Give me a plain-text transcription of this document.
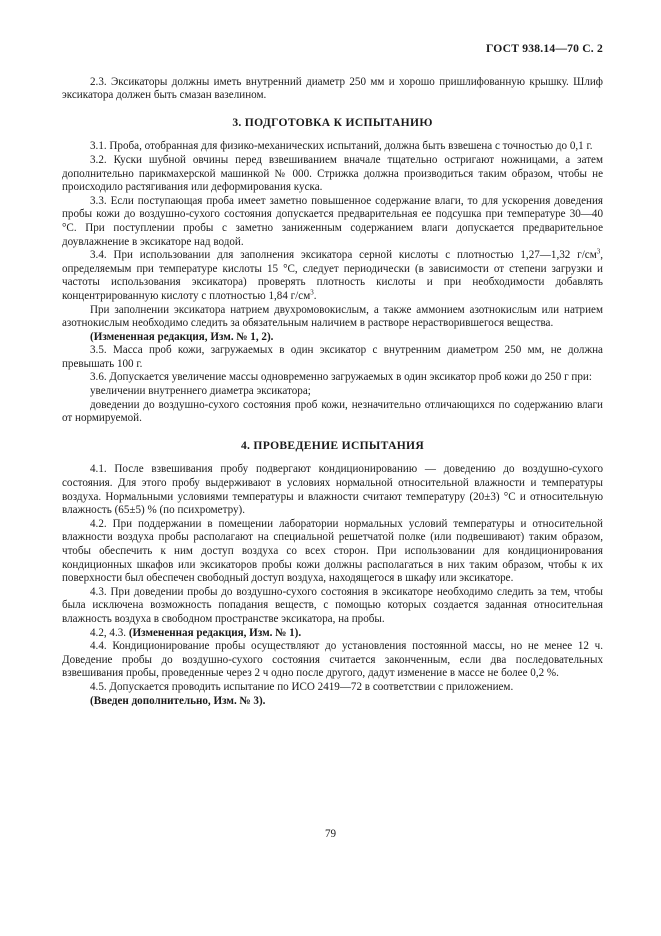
ГОСТ 938.14—70 С. 2

2.3. Эксикаторы должны иметь внутренний диаметр 250 мм и хорошо пришлифованную крышку. Шлиф эксикатора должен быть смазан вазелином.

3. ПОДГОТОВКА К ИСПЫТАНИЮ

3.1. Проба, отобранная для физико-механических испытаний, должна быть взвешена с точностью до 0,1 г.

3.2. Куски шубной овчины перед взвешиванием вначале тщательно остригают ножницами, а затем дополнительно парикмахерской машинкой № 000. Стрижка должна производиться таким образом, чтобы не происходило растягивания или деформирования куска.

3.3. Если поступающая проба имеет заметно повышенное содержание влаги, то для ускорения доведения пробы кожи до воздушно-сухого состояния допускается предварительная ее подсушка при температуре 30—40 °С. При поступлении пробы с заметно заниженным содержанием влаги допускается предварительное доувлажнение в эксикаторе над водой.

3.4. При использовании для заполнения эксикатора серной кислоты с плотностью 1,27—1,32 $г/см^3$, определяемым при температуре кислоты 15 °С, следует периодически (в зависимости от степени загрузки и частоты использования эксикатора) проверять плотность кислоты и при необходимости добавлять концентрированную кислоту с плотностью 1,84 $г/см^3$.

При заполнении эксикатора натрием двухромовокислым, а также аммонием азотнокислым или натрием азотнокислым необходимо следить за обязательным наличием в растворе нерастворившегося вещества.

(Измененная редакция, Изм. № 1, 2).

3.5. Масса проб кожи, загружаемых в один эксикатор с внутренним диаметром 250 мм, не должна превышать 100 г.

3.6. Допускается увеличение массы одновременно загружаемых в один эксикатор проб кожи до 250 г при:

увеличении внутреннего диаметра эксикатора;

доведении до воздушно-сухого состояния проб кожи, незначительно отличающихся по содержанию влаги от нормируемой.

4. ПРОВЕДЕНИЕ ИСПЫТАНИЯ

4.1. После взвешивания пробу подвергают кондиционированию — доведению до воздушно-сухого состояния. Для этого пробу выдерживают в условиях нормальной относительной влажности и температуры воздуха. Нормальными условиями температуры и влажности считают температуру (20±3) °С и относительную влажность (65±5) % (по психрометру).

4.2. При поддержании в помещении лаборатории нормальных условий температуры и относительной влажности воздуха пробы располагают на специальной решетчатой полке (или подвешивают) таким образом, чтобы обеспечить к ним доступ воздуха со всех сторон. При использовании для кондиционирования кондиционных шкафов или эксикаторов пробы кожи должны располагаться в них таким образом, чтобы к их поверхности был обеспечен свободный доступ воздуха, находящегося в шкафу или эксикаторе.

4.3. При доведении пробы до воздушно-сухого состояния в эксикаторе необходимо следить за тем, чтобы была исключена возможность попадания веществ, с помощью которых создается заданная относительная влажность воздуха в свободном пространстве эксикатора, на пробы.

4.2, 4.3. (Измененная редакция, Изм. № 1).

4.4. Кондиционирование пробы осуществляют до установления постоянной массы, но не менее 12 ч. Доведение пробы до воздушно-сухого состояния считается законченным, если два последовательных взвешивания пробы, проведенные через 2 ч одно после другого, дадут изменение в массе не более 0,2 %.

4.5. Допускается проводить испытание по ИСО 2419—72 в соответствии с приложением.

(Введен дополнительно, Изм. № 3).

79
